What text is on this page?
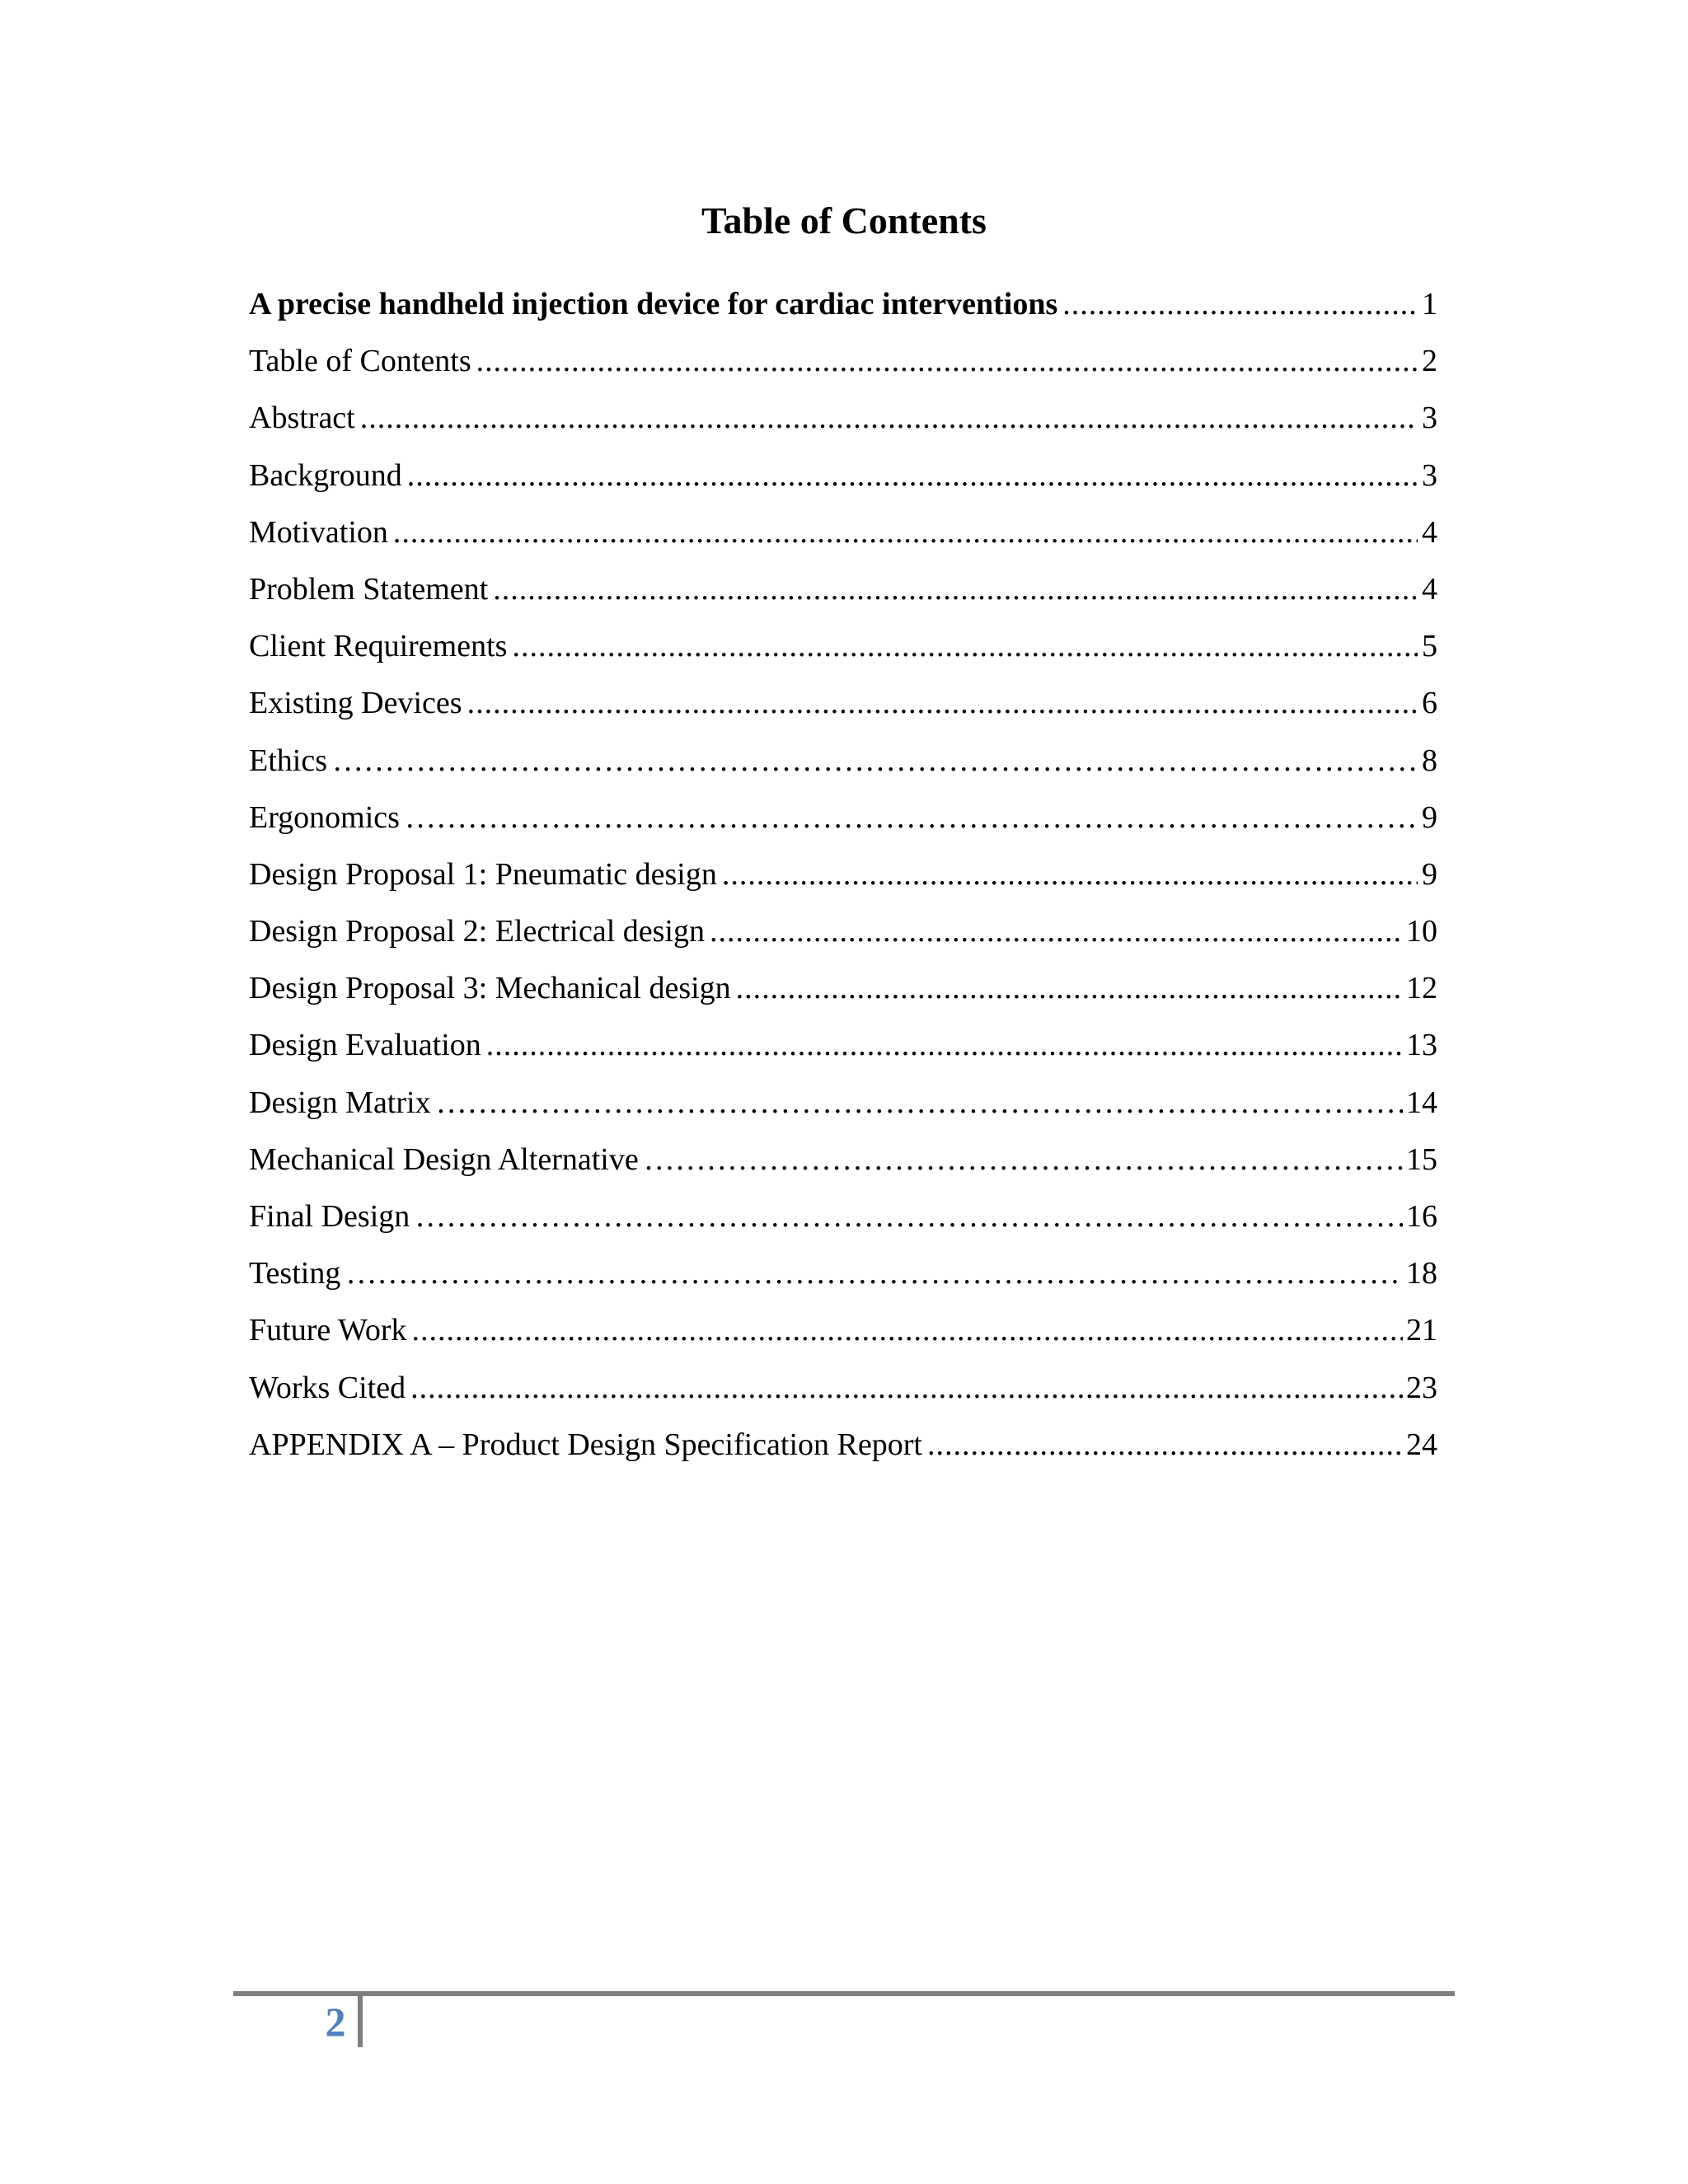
Table of Contents
A precise handheld injection device for cardiac interventions .....	1
Table of Contents .....	2
Abstract .....	3
Background .....	3
Motivation .....	4
Problem Statement .....	4
Client Requirements .....	5
Existing Devices .....	6
Ethics ……………………………………………………………………………………………………………………………………………………………………………………	8
Ergonomics ……………………………………………………………………………………………………………………………………………………………………………………	9
Design Proposal 1: Pneumatic design .....	9
Design Proposal 2: Electrical design .....	10
Design Proposal 3: Mechanical design .....	12
Design Evaluation .....	13
Design Matrix ……………………………………………………………………………………………………………………………………………………………………………………	14
Mechanical Design Alternative ……………………………………………………………………………………………………………………………………………………………………………………	15
Final Design ……………………………………………………………………………………………………………………………………………………………………………………	16
Testing ……………………………………………………………………………………………………………………………………………………………………………………	18
Future Work .....	21
Works Cited .....	23
APPENDIX A – Product Design Specification Report .....	24
2
